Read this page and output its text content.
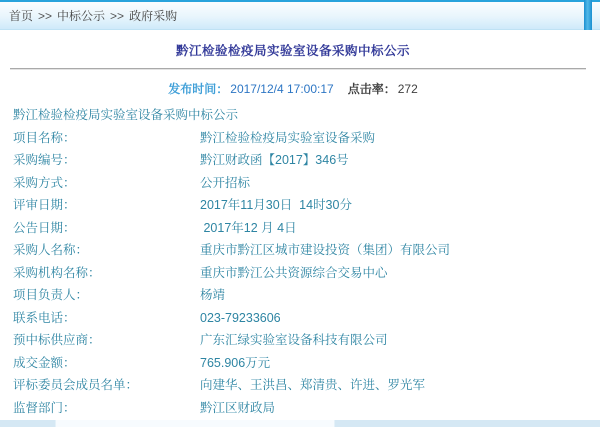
首页 >> 中标公示 >> 政府采购
黔江检验检疫局实验室设备采购中标公示
发布时间： 2017/12/4 17:00:17 点击率： 272
黔江检验检疫局实验室设备采购中标公示
项目名称：	黔江检验检疫局实验室设备采购
采购编号：	黔江财政函【2017】346号
采购方式：	公开招标
评审日期：	2017年11月30日  14时30分
公告日期：	2017年12 月 4日
采购人名称：	重庆市黔江区城市建设投资（集团）有限公司
采购机构名称：	重庆市黔江公共资源综合交易中心
项目负责人：	杨靖
联系电话：	023-79233606
预中标供应商：	广东汇绿实验室设备科技有限公司
成交金额：	765.906万元
评标委员会成员名单：	向建华、王洪昌、郑清贵、许进、罗光军
监督部门：	黔江区财政局
